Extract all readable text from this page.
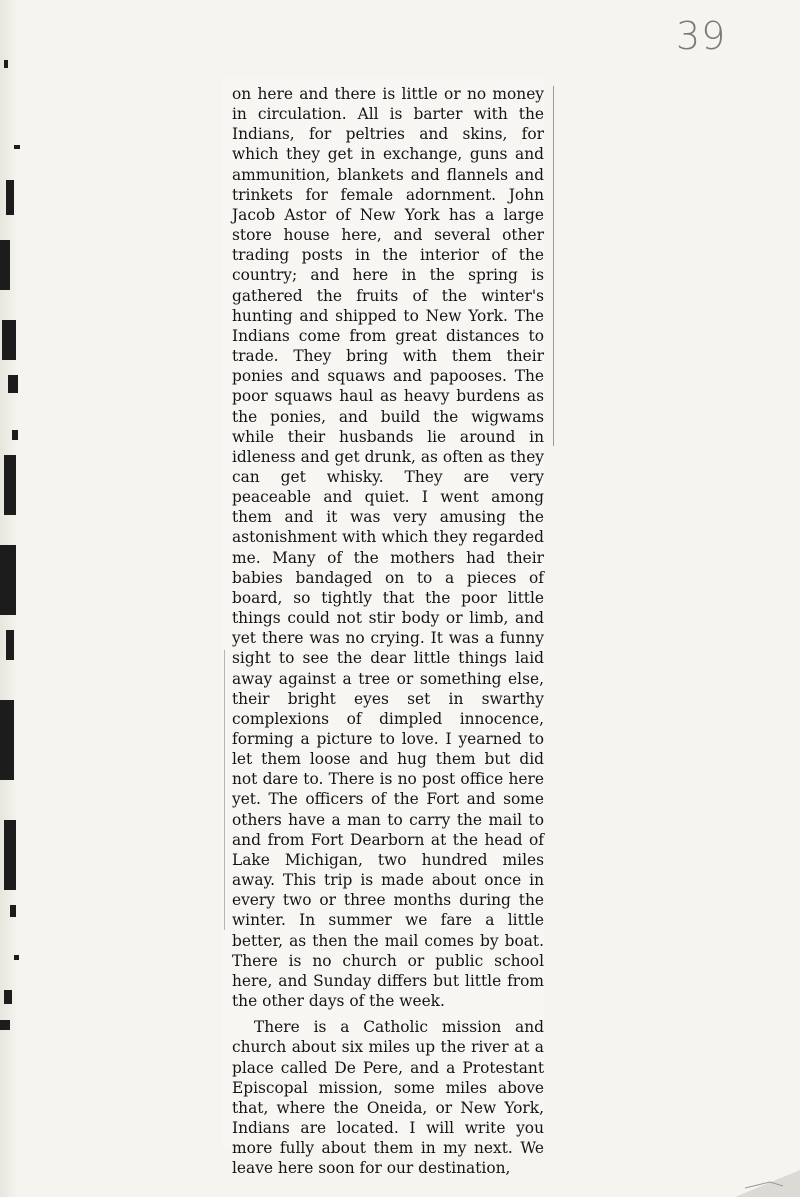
39

on here and there is little or no money in circulation. All is barter with the Indians, for peltries and skins, for which they get in exchange, guns and ammunition, blankets and flannels and trinkets for female adornment. John Jacob Astor of New York has a large store house here, and several other trading posts in the interior of the country; and here in the spring is gathered the fruits of the winter's hunting and shipped to New York. The Indians come from great distances to trade. They bring with them their ponies and squaws and papooses. The poor squaws haul as heavy burdens as the ponies, and build the wigwams while their husbands lie around in idleness and get drunk, as often as they can get whisky. They are very peaceable and quiet. I went among them and it was very amusing the astonishment with which they regarded me. Many of the mothers had their babies bandaged on to a pieces of board, so tightly that the poor little things could not stir body or limb, and yet there was no crying. It was a funny sight to see the dear little things laid away against a tree or something else, their bright eyes set in swarthy complexions of dimpled innocence, forming a picture to love. I yearned to let them loose and hug them but did not dare to. There is no post office here yet. The officers of the Fort and some others have a man to carry the mail to and from Fort Dearborn at the head of Lake Michigan, two hundred miles away. This trip is made about once in every two or three months during the winter. In summer we fare a little better, as then the mail comes by boat. There is no church or public school here, and Sunday differs but little from the other days of the week.

There is a Catholic mission and church about six miles up the river at a place called De Pere, and a Protestant Episcopal mission, some miles above that, where the Oneida, or New York, Indians are located. I will write you more fully about them in my next. We leave here soon for our destination,
